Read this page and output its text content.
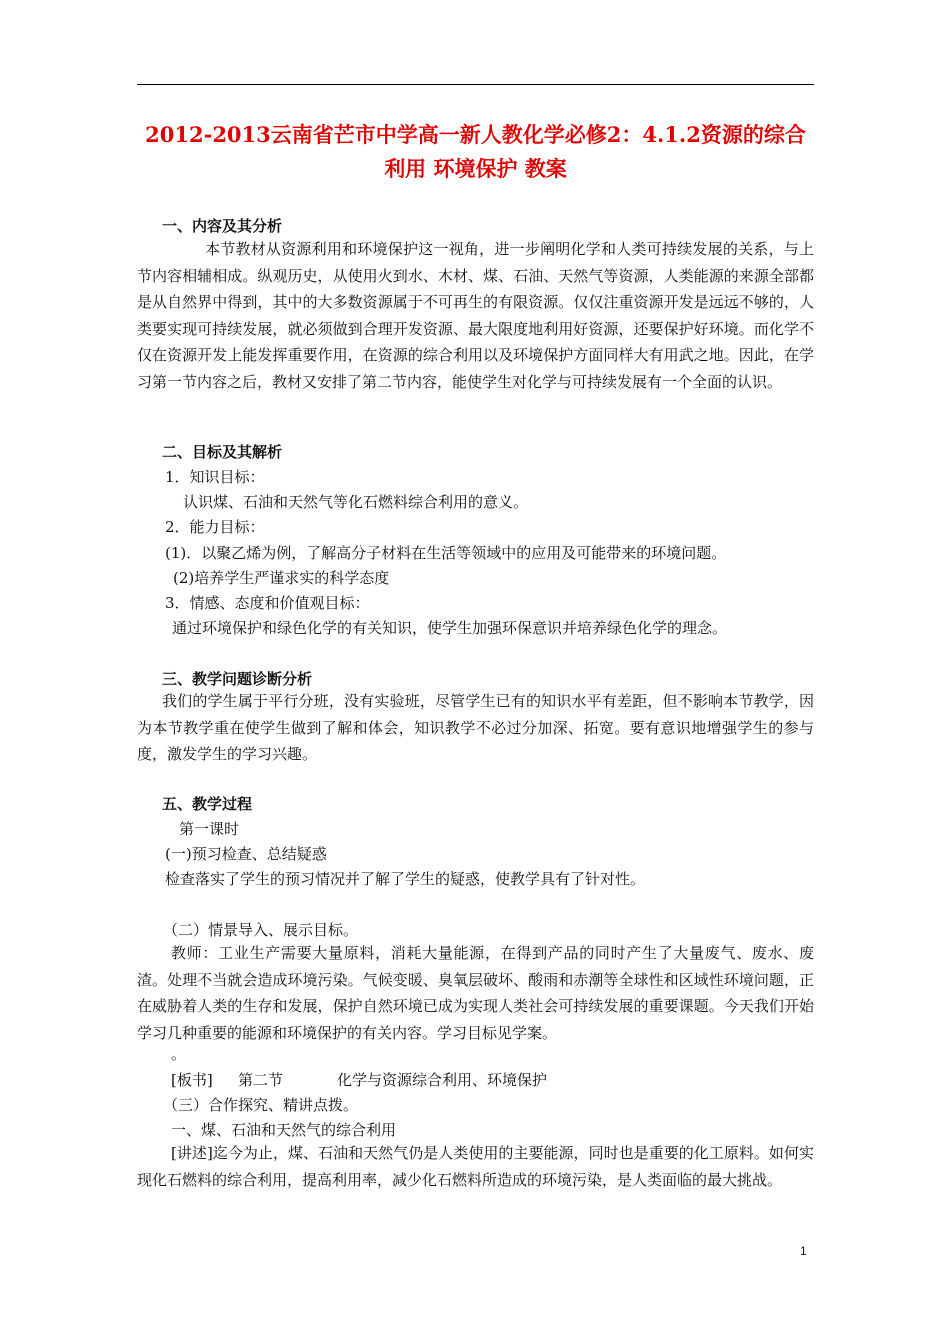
2012-2013云南省芒市中学高一新人教化学必修2：4.1.2资源的综合利用 环境保护 教案
一、内容及其分析
本节教材从资源利用和环境保护这一视角，进一步阐明化学和人类可持续发展的关系，与上节内容相辅相成。纵观历史，从使用火到水、木材、煤、石油、天然气等资源，人类能源的来源全部都是从自然界中得到，其中的大多数资源属于不可再生的有限资源。仅仅注重资源开发是远远不够的，人类要实现可持续发展，就必须做到合理开发资源、最大限度地利用好资源，还要保护好环境。而化学不仅在资源开发上能发挥重要作用，在资源的综合利用以及环境保护方面同样大有用武之地。因此，在学习第一节内容之后，教材又安排了第二节内容，能使学生对化学与可持续发展有一个全面的认识。
二、目标及其解析
1．知识目标：
认识煤、石油和天然气等化石燃料综合利用的意义。
2．能力目标：
(1)．以聚乙烯为例，了解高分子材料在生活等领域中的应用及可能带来的环境问题。
(2)培养学生严谨求实的科学态度
3．情感、态度和价值观目标：
通过环境保护和绿色化学的有关知识，使学生加强环保意识并培养绿色化学的理念。
三、教学问题诊断分析
我们的学生属于平行分班，没有实验班，尽管学生已有的知识水平有差距，但不影响本节教学，因为本节教学重在使学生做到了解和体会，知识教学不必过分加深、拓宽。要有意识地增强学生的参与度，激发学生的学习兴趣。
五、教学过程
第一课时
(一)预习检查、总结疑惑
检查落实了学生的预习情况并了解了学生的疑惑，使教学具有了针对性。
（二）情景导入、展示目标。
教师：工业生产需要大量原料，消耗大量能源，在得到产品的同时产生了大量废气、废水、废渣。处理不当就会造成环境污染。气候变暖、臭氧层破坏、酸雨和赤潮等全球性和区域性环境问题，正在威胁着人类的生存和发展，保护自然环境已成为实现人类社会可持续发展的重要课题。今天我们开始学习几种重要的能源和环境保护的有关内容。学习目标见学案。
。
[板书] 第二节	化学与资源综合利用、环境保护
（三）合作探究、精讲点拨。
一、煤、石油和天然气的综合利用
[讲述]迄今为止，煤、石油和天然气仍是人类使用的主要能源，同时也是重要的化工原料。如何实现化石燃料的综合利用，提高利用率，减少化石燃料所造成的环境污染，是人类面临的最大挑战。
1
